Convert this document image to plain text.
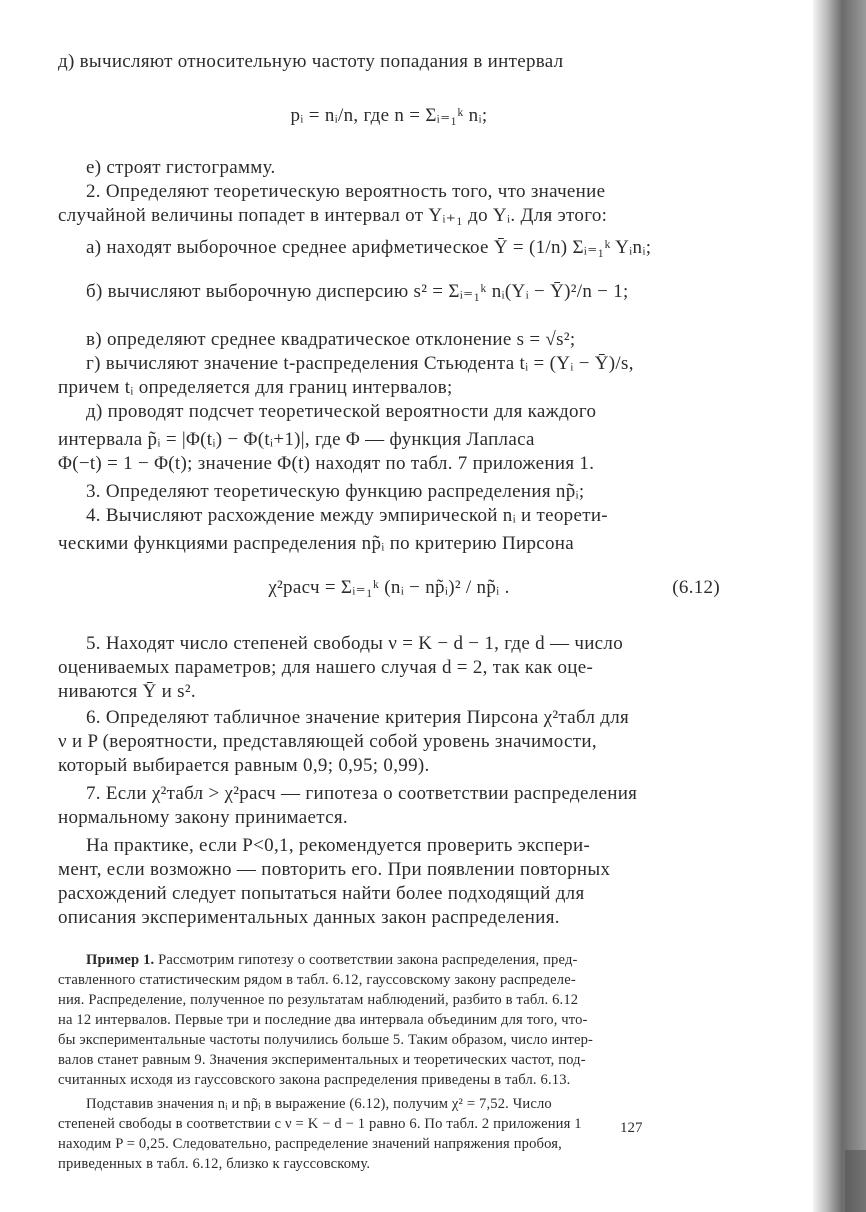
д) вычисляют относительную частоту попадания в интервал
pᵢ = nᵢ/n, где n = Σᵢ₌₁ᵏ nᵢ;
е) строят гистограмму.
2. Определяют теоретическую вероятность того, что значение
случайной величины попадет в интервал от Yᵢ₊₁ до Yᵢ. Для этого:
а) находят выборочное среднее арифметическое Ȳ = (1/n) Σᵢ₌₁ᵏ Yᵢnᵢ;
б) вычисляют выборочную дисперсию s² = Σᵢ₌₁ᵏ nᵢ(Yᵢ − Ȳ)²/n − 1;
в) определяют среднее квадратическое отклонение s = √s²;
г) вычисляют значение t-распределения Стьюдента tᵢ = (Yᵢ − Ȳ)/s,
причем tᵢ определяется для границ интервалов;
д) проводят подсчет теоретической вероятности для каждого
интервала p̃ᵢ = |Φ(tᵢ) − Φ(tᵢ+1)|, где Φ — функция Лапласа
Φ(−t) = 1 − Φ(t); значение Φ(t) находят по табл. 7 приложения 1.
3. Определяют теоретическую функцию распределения np̃ᵢ;
4. Вычисляют расхождение между эмпирической nᵢ и теорети-
ческими функциями распределения np̃ᵢ по критерию Пирсона
χ²расч = Σᵢ₌₁ᵏ (nᵢ − np̃ᵢ)² / np̃ᵢ .	(6.12)
5. Находят число степеней свободы ν = K − d − 1, где d — число
оцениваемых параметров; для нашего случая d = 2, так как оце-
ниваются Ȳ и s².
6. Определяют табличное значение критерия Пирсона χ²табл для
ν и P (вероятности, представляющей собой уровень значимости,
который выбирается равным 0,9; 0,95; 0,99).
7. Если χ²табл > χ²расч — гипотеза о соответствии распределения
нормальному закону принимается.
На практике, если P<0,1, рекомендуется проверить экспери-
мент, если возможно — повторить его. При появлении повторных
расхождений следует попытаться найти более подходящий для
описания экспериментальных данных закон распределения.
Пример 1. Рассмотрим гипотезу о соответствии закона распределения, пред-
ставленного статистическим рядом в табл. 6.12, гауссовскому закону распределе-
ния. Распределение, полученное по результатам наблюдений, разбито в табл. 6.12
на 12 интервалов. Первые три и последние два интервала объединим для того, что-
бы экспериментальные частоты получились больше 5. Таким образом, число интер-
валов станет равным 9. Значения экспериментальных и теоретических частот, под-
считанных исходя из гауссовского закона распределения приведены в табл. 6.13.
Подставив значения nᵢ и np̃ᵢ в выражение (6.12), получим χ² = 7,52. Число
степеней свободы в соответствии с ν = K − d − 1 равно 6. По табл. 2 приложения 1
находим P = 0,25. Следовательно, распределение значений напряжения пробоя,
приведенных в табл. 6.12, близко к гауссовскому.
127
